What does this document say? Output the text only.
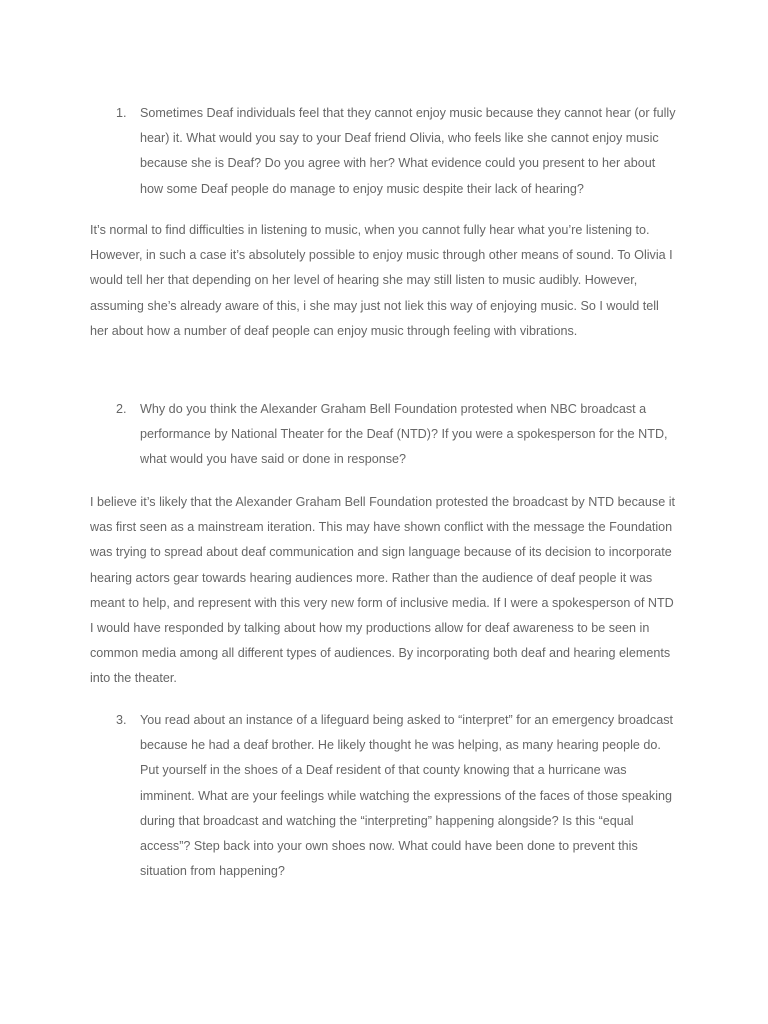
1. Sometimes Deaf individuals feel that they cannot enjoy music because they cannot hear (or fully hear) it. What would you say to your Deaf friend Olivia, who feels like she cannot enjoy music because she is Deaf? Do you agree with her? What evidence could you present to her about how some Deaf people do manage to enjoy music despite their lack of hearing?
It’s normal to find difficulties in listening to music, when you cannot fully hear what you’re listening to. However, in such a case it’s absolutely possible to enjoy music through other means of sound. To Olivia I would tell her that depending on her level of hearing she may still listen to music audibly. However, assuming she’s already aware of this, i she may just not liek this way of enjoying music. So I would tell her about how a number of deaf people can enjoy music through feeling with vibrations.
2. Why do you think the Alexander Graham Bell Foundation protested when NBC broadcast a performance by National Theater for the Deaf (NTD)? If you were a spokesperson for the NTD, what would you have said or done in response?
I believe it’s likely that the Alexander Graham Bell Foundation protested the broadcast by NTD because it was first seen as a mainstream iteration. This may have shown conflict with the message the Foundation was trying to spread about deaf communication and sign language because of its decision to incorporate hearing actors gear towards hearing audiences more. Rather than the audience of deaf people it was meant to help, and represent with this very new form of inclusive media. If I were a spokesperson of NTD I would have responded by talking about how my productions allow for deaf awareness to be seen in common media among all different types of audiences. By incorporating both deaf and hearing elements into the theater.
3. You read about an instance of a lifeguard being asked to “interpret” for an emergency broadcast because he had a deaf brother. He likely thought he was helping, as many hearing people do. Put yourself in the shoes of a Deaf resident of that county knowing that a hurricane was imminent. What are your feelings while watching the expressions of the faces of those speaking during that broadcast and watching the “interpreting” happening alongside? Is this “equal access”? Step back into your own shoes now. What could have been done to prevent this situation from happening?
